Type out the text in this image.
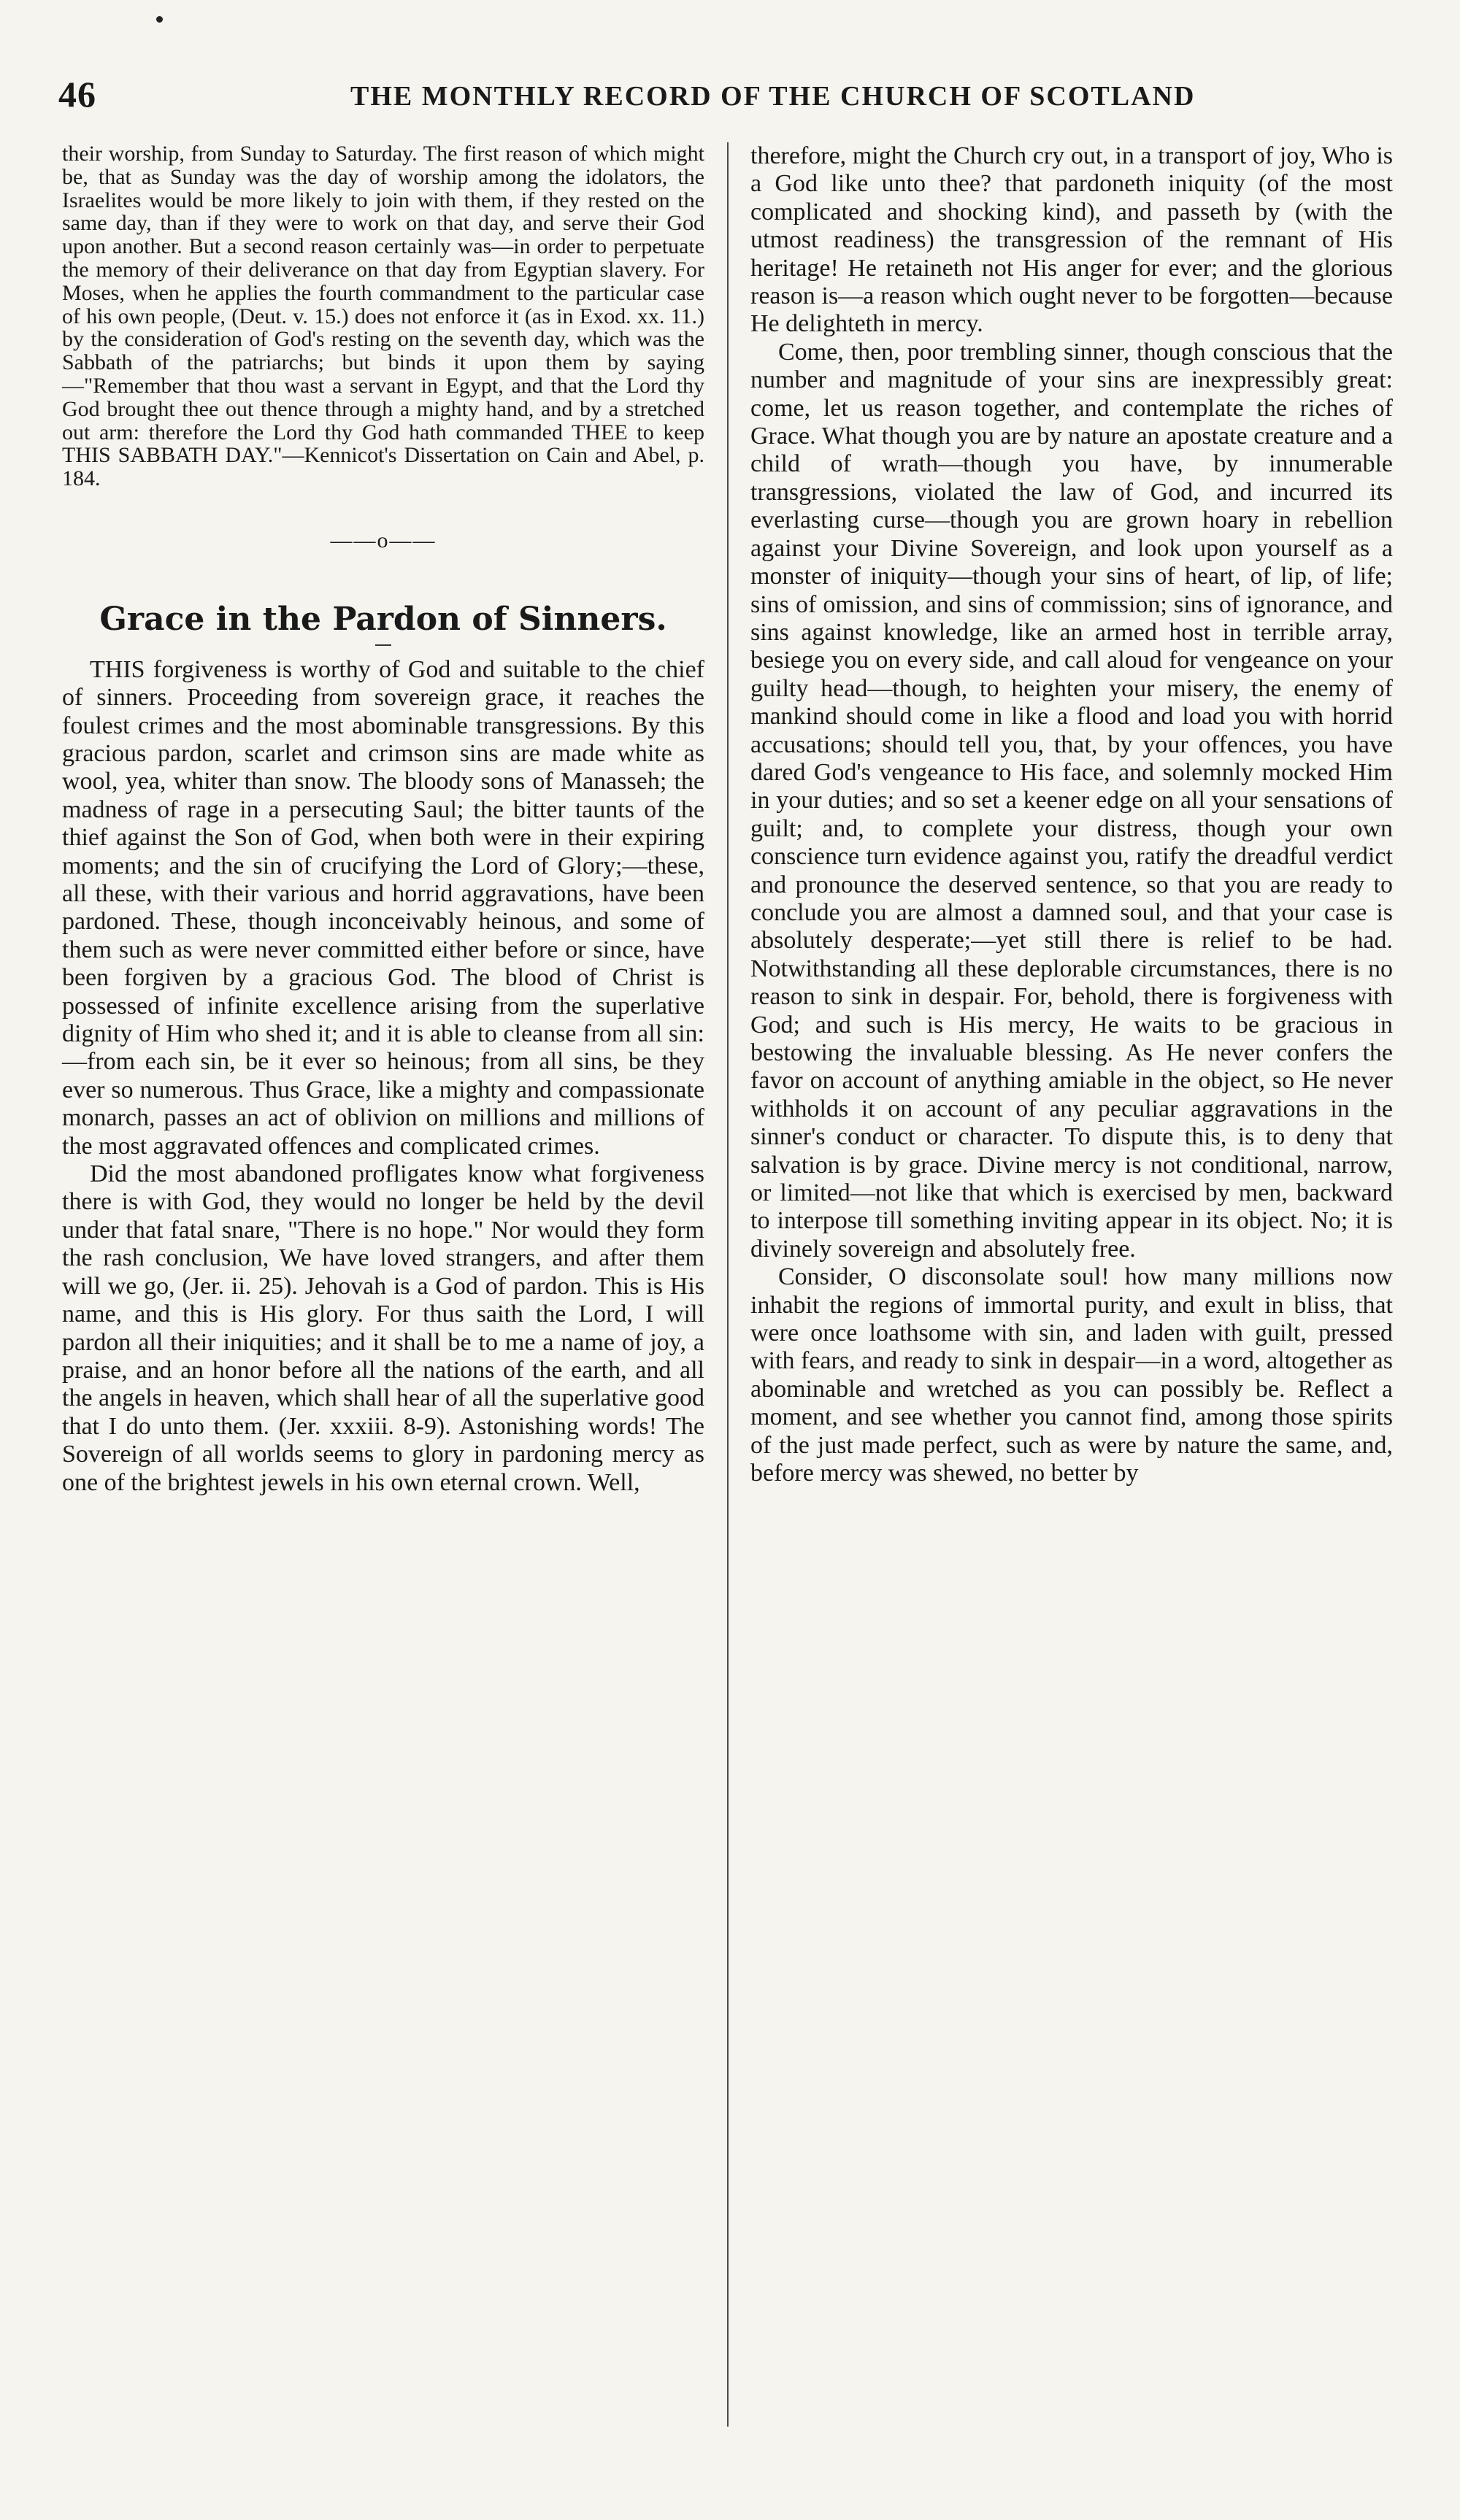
46	THE MONTHLY RECORD OF THE CHURCH OF SCOTLAND

their worship, from Sunday to Saturday. The first reason of which might be, that as Sunday was the day of worship among the idolators, the Israelites would be more likely to join with them, if they rested on the same day, than if they were to work on that day, and serve their God upon another. But a second reason certainly was—in order to perpetuate the memory of their deliverance on that day from Egyptian slavery. For Moses, when he applies the fourth commandment to the particular case of his own people, (Deut. v. 15.) does not enforce it (as in Exod. xx. 11.) by the consideration of God's resting on the seventh day, which was the Sabbath of the patriarchs; but binds it upon them by saying—"Remember that thou wast a servant in Egypt, and that the Lord thy God brought thee out thence through a mighty hand, and by a stretched out arm: therefore the Lord thy God hath commanded THEE to keep THIS SABBATH DAY."—Kennicot's Dissertation on Cain and Abel, p. 184.

——o——
Grace in the Pardon of Sinners.

THIS forgiveness is worthy of God and suitable to the chief of sinners. Proceeding from sovereign grace, it reaches the foulest crimes and the most abominable transgressions. By this gracious pardon, scarlet and crimson sins are made white as wool, yea, whiter than snow. The bloody sons of Manasseh; the madness of rage in a persecuting Saul; the bitter taunts of the thief against the Son of God, when both were in their expiring moments; and the sin of crucifying the Lord of Glory;—these, all these, with their various and horrid aggravations, have been pardoned. These, though inconceivably heinous, and some of them such as were never committed either before or since, have been forgiven by a gracious God. The blood of Christ is possessed of infinite excellence arising from the superlative dignity of Him who shed it; and it is able to cleanse from all sin:—from each sin, be it ever so heinous; from all sins, be they ever so numerous. Thus Grace, like a mighty and compassionate monarch, passes an act of oblivion on millions and millions of the most aggravated offences and complicated crimes.

Did the most abandoned profligates know what forgiveness there is with God, they would no longer be held by the devil under that fatal snare, "There is no hope." Nor would they form the rash conclusion, We have loved strangers, and after them will we go, (Jer. ii. 25). Jehovah is a God of pardon. This is His name, and this is His glory. For thus saith the Lord, I will pardon all their iniquities; and it shall be to me a name of joy, a praise, and an honor before all the nations of the earth, and all the angels in heaven, which shall hear of all the superlative good that I do unto them. (Jer. xxxiii. 8-9). Astonishing words! The Sovereign of all worlds seems to glory in pardoning mercy as one of the brightest jewels in his own eternal crown. Well,

therefore, might the Church cry out, in a transport of joy, Who is a God like unto thee? that pardoneth iniquity (of the most complicated and shocking kind), and passeth by (with the utmost readiness) the transgression of the remnant of His heritage! He retaineth not His anger for ever; and the glorious reason is—a reason which ought never to be forgotten—because He delighteth in mercy.

Come, then, poor trembling sinner, though conscious that the number and magnitude of your sins are inexpressibly great: come, let us reason together, and contemplate the riches of Grace. What though you are by nature an apostate creature and a child of wrath—though you have, by innumerable transgressions, violated the law of God, and incurred its everlasting curse—though you are grown hoary in rebellion against your Divine Sovereign, and look upon yourself as a monster of iniquity—though your sins of heart, of lip, of life; sins of omission, and sins of commission; sins of ignorance, and sins against knowledge, like an armed host in terrible array, besiege you on every side, and call aloud for vengeance on your guilty head—though, to heighten your misery, the enemy of mankind should come in like a flood and load you with horrid accusations; should tell you, that, by your offences, you have dared God's vengeance to His face, and solemnly mocked Him in your duties; and so set a keener edge on all your sensations of guilt; and, to complete your distress, though your own conscience turn evidence against you, ratify the dreadful verdict and pronounce the deserved sentence, so that you are ready to conclude you are almost a damned soul, and that your case is absolutely desperate;—yet still there is relief to be had. Notwithstanding all these deplorable circumstances, there is no reason to sink in despair. For, behold, there is forgiveness with God; and such is His mercy, He waits to be gracious in bestowing the invaluable blessing. As He never confers the favor on account of anything amiable in the object, so He never withholds it on account of any peculiar aggravations in the sinner's conduct or character. To dispute this, is to deny that salvation is by grace. Divine mercy is not conditional, narrow, or limited—not like that which is exercised by men, backward to interpose till something inviting appear in its object. No; it is divinely sovereign and absolutely free.

Consider, O disconsolate soul! how many millions now inhabit the regions of immortal purity, and exult in bliss, that were once loathsome with sin, and laden with guilt, pressed with fears, and ready to sink in despair—in a word, altogether as abominable and wretched as you can possibly be. Reflect a moment, and see whether you cannot find, among those spirits of the just made perfect, such as were by nature the same, and, before mercy was shewed, no better by
